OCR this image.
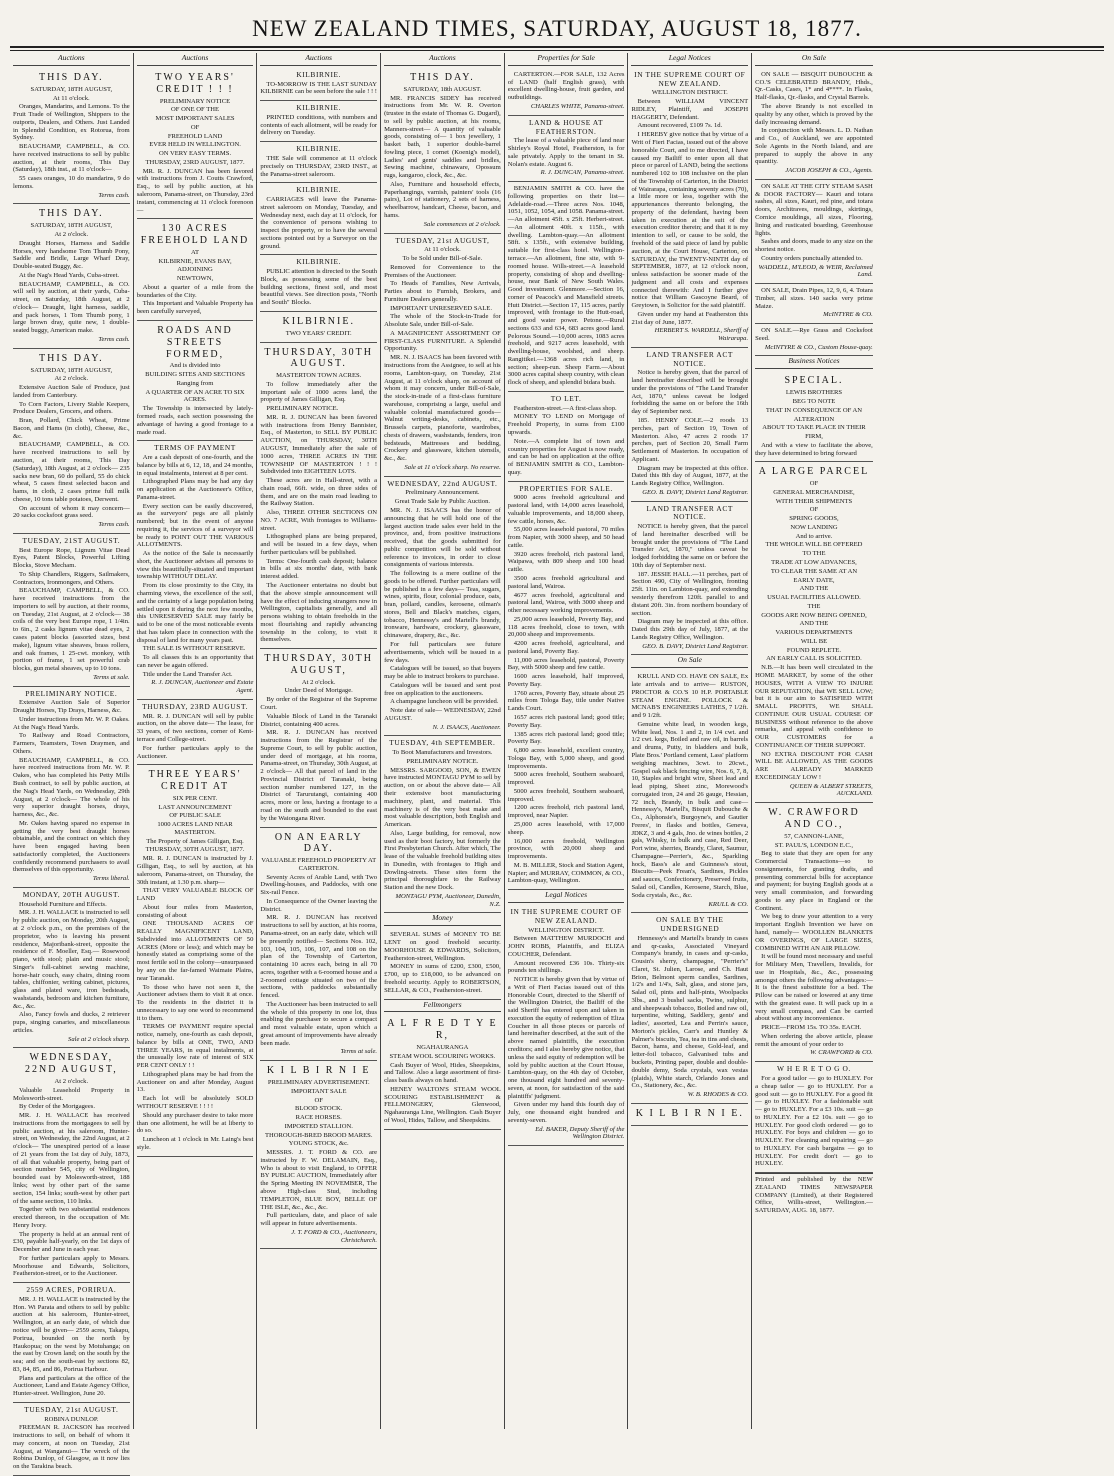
NEW ZEALAND TIMES, SATURDAY, AUGUST 18, 1877.
Auctions
THIS DAY.
SATURDAY, 18TH AUGUST,
At 11 o'clock.
Oranges, Mandarins, and Lemons. To the Fruit Trade of Wellington, Shippers to the outports, Dealers, and Others. Just Landed in Splendid Condition, ex Rotorua, from Sydney.
BEAUCHAMP, CAMPBELL, & CO. have received instructions to sell by public auction, at their rooms, This Day (Saturday), 18th inst., at 11 o'clock—
55 cases oranges, 10 do mandarins, 9 do lemons.
Terms cash.
THIS DAY.
SATURDAY, 18TH AUGUST,
At 2 o'clock.
Draught Horses, Harness and Saddle Horses, very handsome Tom Thumb Pony, Saddle and Bridle, Large Wharf Dray, Double-seated Buggy, &c.
At the Nag's Head Yards, Cuba-street.
BEAUCHAMP, CAMPBELL, & CO. will sell by auction, at their yards, Cuba-street, on Saturday, 18th August, at 2 o'clock— Draught, light harness, saddle, and pack horses, 1 Tom Thumb pony, 1 large brown dray, quite new, 1 double-seated buggy, American make.
Terms cash.
THIS DAY.
SATURDAY, 18TH AUGUST,
At 2 o'clock.
Extensive Auction Sale of Produce, just landed from Canterbury.
To Corn Factors, Livery Stable Keepers, Produce Dealers, Grocers, and others.
Bran, Pollard, Chick Wheat, Prime Bacon, and Hams (in cloth), Cheese, &c., &c.
BEAUCHAMP, CAMPBELL, & CO. have received instructions to sell by auction, at their rooms, This Day (Saturday), 18th August, at 2 o'clock— 235 sacks new bran, 60 do pollard, 55 do chick wheat, 5 cases finest selected bacon and hams, in cloth, 2 cases prime full milk cheese, 10 tons table potatoes, Derwent.
On account of whom it may concern— 20 sacks cocksfoot grass seed.
Terms cash.
TUESDAY, 21ST AUGUST.
Best Europe Rope, Lignum Vitae Dead Eyes, Patent Blocks, Powerful Lifting Blocks, Stove Mecham.
To Ship Chandlers, Riggers, Sailmakers, Contractors, Ironmongers, and Others.
BEAUCHAMP, CAMPBELL, & CO. have received instructions from the importers to sell by auction, at their rooms, on Tuesday, 21st August, at 2 o'clock— 38 coils of the very best Europe rope, 1 1/4in. to 6in., 2 casks lignum vitae dead eyes, 2 cases patent blocks (assorted sizes, best make), lignum vitae sheaves, brass rollers, and oak frames, 1 25-cwt. monkey, with portion of frame, 1 set powerful crab blocks, gun metal sheaves, up to 10 tons.
Terms at sale.
PRELIMINARY NOTICE.
Extensive Auction Sale of Superior Draught Horses, Tip Drays, Harness, &c.
Under instructions from Mr. W. P. Oakes. At the Nag's Head Yards.
To Railway and Road Contractors, Farmers, Teamsters, Town Draymen, and Others.
BEAUCHAMP, CAMPBELL, & CO. have received instructions from Mr. W. P. Oakes, who has completed his Petty Mills Bush contract, to sell by public auction, at the Nag's Head Yards, on Wednesday, 29th August, at 2 o'clock— The whole of his very superior draught horses, drays, harness, &c., &c.
Mr. Oakes having spared no expense in getting the very best draught horses obtainable, and the contract on which they have been engaged having been satisfactorily completed, the Auctioneers confidently recommend purchasers to avail themselves of this opportunity.
Terms liberal.
MONDAY, 20TH AUGUST.
Household Furniture and Effects.
MR. J. H. WALLACE is instructed to sell by public auction, on Monday, 20th August, at 2 o'clock p.m., on the premises of the proprietor, who is leaving his present residence, Majoribank-street, opposite the residence of F. Moeller, Esq.— Rosewood piano, with stool; plain and music stool; Singer's full-cabinet sewing machine, horse-hair couch, easy chairs, dining room tables, chiffonier, writing cabinet, pictures, glass and plated ware, iron bedsteads, washstands, bedroom and kitchen furniture, &c., &c.
Also, Fancy fowls and ducks, 2 retriever pups, singing canaries, and miscellaneous articles.
Sale at 2 o'clock sharp.
WEDNESDAY, 22ND AUGUST,
At 2 o'clock.
Valuable Leasehold Property in Molesworth-street.
By Order of the Mortgagees.
MR. J. H. WALLACE has received instructions from the mortgagees to sell by public auction, at his saleroom, Hunter-street, on Wednesday, the 22nd August, at 2 o'clock— The unexpired period of a lease of 21 years from the 1st day of July, 1873, of all that valuable property, being part of section number 545, city of Wellington, bounded east by Molesworth-street, 188 links; west by other part of the same section, 154 links; south-west by other part of the same section, 110 links.
Together with two substantial residences erected thereon, in the occupation of Mr. Henry Ivory.
The property is held at an annual rent of £30, payable half-yearly, on the 1st days of December and June in each year.
For further particulars apply to Messrs. Moorhouse and Edwards, Solicitors, Featherston-street, or to the Auctioneer.
2559 ACRES, PORIRUA.
MR. J. H. WALLACE is instructed by the Hon. Wi Parata and others to sell by public auction at his saleroom, Hunter-street, Wellington, at an early date, of which due notice will be given— 2559 acres, Takapu, Porirua, bounded on the north by Haukopua; on the west by Motuhanga; on the east by Crown land; on the south by the sea; and on the south-east by sections 82, 83, 84, 85, and 86, Porirua Harbour.
Plans and particulars at the office of the Auctioneer, Land and Estate Agency Office, Hunter-street. Wellington, June 20.
TUESDAY, 21st AUGUST.
ROBINA DUNLOP.
FREEMAN R. JACKSON has received instructions to sell, on behalf of whom it may concern, at noon on Tuesday, 21st August, at Wanganui— The wreck of the Robina Dunlop, of Glasgow, as it now lies on the Tarakina beach.
Auctions
TWO YEARS' CREDIT ! ! !
PRELIMINARY NOTICE
OF ONE OF THE
MOST IMPORTANT SALES
OF
FREEHOLD LAND
EVER HELD IN WELLINGTON.
ON VERY EASY TERMS.
THURSDAY, 23RD AUGUST, 1877.
MR. R. J. DUNCAN has been favored with instructions from J. Coutts Crawford, Esq., to sell by public auction, at his saleroom, Panama-street, on Thursday, 23rd instant, commencing at 11 o'clock forenoon—
130 ACRES FREEHOLD LAND
AT
KILBIRNIE, EVANS BAY,
ADJOINING
NEWTOWN,
About a quarter of a mile from the boundaries of the City.
This Important and Valuable Property has been carefully surveyed,
ROADS AND STREETS FORMED,
And is divided into
BUILDING SITES AND SECTIONS
Ranging from
A QUARTER OF AN ACRE TO SIX ACRES.
The Township is intersected by lately-formed roads, each section possessing the advantage of having a good frontage to a made road.
TERMS OF PAYMENT
Are a cash deposit of one-fourth, and the balance by bills at 6, 12, 18, and 24 months, in equal instalments, interest at 8 per cent.
Lithographed Plans may be had any day on application at the Auctioneer's Office, Panama-street.
Every section can be easily discovered, as the surveyors' pegs are all plainly numbered; but in the event of anyone requiring it, the services of a surveyor will be ready to POINT OUT THE VARIOUS ALLOTMENTS.
As the notice of the Sale is necessarily short, the Auctioneer advises all persons to view this beautifully-situated and important township WITHOUT DELAY.
From its close proximity to the City, its charming views, the excellence of the soil, and the certainty of a large population being settled upon it during the next few months, this UNRESERVED SALE may fairly be said to be one of the most noticeable events that has taken place in connection with the disposal of land for many years past.
THE SALE IS WITHOUT RESERVE.
To all classes this is an opportunity that can never be again offered.
Title under the Land Transfer Act.
R. J. DUNCAN, Auctioneer and Estate Agent.
THURSDAY, 23RD AUGUST.
MR. R. J. DUNCAN will sell by public auction, on the above date— The lease, for 33 years, of two sections, corner of Kent-terrace and College-street.
For further particulars apply to the Auctioneer.
THREE YEARS' CREDIT AT
SIX PER CENT.
LAST ANNOUNCEMENT
OF PUBLIC SALE
1000 ACRES LAND NEAR MASTERTON.
The Property of James Gilligan, Esq.
THURSDAY, 30TH AUGUST, 1877.
MR. R. J. DUNCAN is instructed by J. Gilligan, Esq., to sell by auction, at his saleroom, Panama-street, on Thursday, the 30th instant, at 1.30 p.m. sharp—
THAT VERY VALUABLE BLOCK OF LAND
About four miles from Masterton, consisting of about
ONE THOUSAND ACRES OF REALLY MAGNIFICENT LAND, Subdivided into ALLOTMENTS OF 50 ACRES (More or less); and which may be honestly stated as comprising some of the most fertile soil in the colony—unsurpassed by any on the far-famed Waimate Plains, near Taranaki.
To those who have not seen it, the Auctioneer advises them to visit it at once. To the residents in the district it is unnecessary to say one word to recommend it to them.
TERMS OF PAYMENT require special notice, namely, one-fourth as cash deposit, balance by bills at ONE, TWO, AND THREE YEARS, in equal instalments, at the unusually low rate of interest of SIX PER CENT ONLY ! !
Lithographed plans may be had from the Auctioneer on and after Monday, August 13.
Each lot will be absolutely SOLD WITHOUT RESERVE ! ! ! !
Should any purchaser desire to take more than one allotment, he will be at liberty to do so.
Luncheon at 1 o'clock in Mr. Laing's best style.
Auctions
KILBIRNIE.
TO-MORROW IS THE LAST SUNDAY KILBIRNIE can be seen before the sale ! ! !
KILBIRNIE.
PRINTED conditions, with numbers and contents of each allotment, will be ready for delivery on Tuesday.
KILBIRNIE.
THE Sale will commence at 11 o'clock precisely on THURSDAY, 23RD INST., at the Panama-street saleroom.
KILBIRNIE.
CARRIAGES will leave the Panama-street saleroom on Monday, Tuesday, and Wednesday next, each day at 11 o'clock, for the convenience of persons wishing to inspect the property, or to have the several sections pointed out by a Surveyor on the ground.
KILBIRNIE.
PUBLIC attention is directed to the South Block, as possessing some of the best building sections, finest soil, and most beautiful views. See direction posts, "North and South" Blocks.
KILBIRNIE.
TWO YEARS' CREDIT.
THURSDAY, 30TH AUGUST.
MASTERTON TOWN ACRES.
To follow immediately after the important sale of 1000 acres land, the property of James Gilligan, Esq.
PRELIMINARY NOTICE.
MR. R. J. DUNCAN has been favored with instructions from Henry Bannister, Esq., of Masterton, to SELL BY PUBLIC AUCTION, on THURSDAY, 30TH AUGUST, Immediately after the sale of 1000 acres, THREE ACRES IN THE TOWNSHIP OF MASTERTON ! ! ! Subdivided into EIGHTEEN LOTS.
These acres are in Hall-street, with a chain road, 66ft. wide, on three sides of them, and are on the main road leading to the Railway Station.
Also, THREE OTHER SECTIONS ON NO. 7 ACRE, With frontages to Williams-street.
Lithographed plans are being prepared, and will be issued in a few days, when further particulars will be published.
Terms: One-fourth cash deposit; balance in bills at six months' date, with bank interest added.
The Auctioneer entertains no doubt but that the above simple announcement will have the effect of inducing strangers now in Wellington, capitalists generally, and all persons wishing to obtain freeholds in the most flourishing and rapidly advancing township in the colony, to visit it themselves.
THURSDAY, 30TH AUGUST,
At 2 o'clock.
Under Deed of Mortgage.
By order of the Registrar of the Supreme Court.
Valuable Block of Land in the Taranaki District, containing 400 acres.
MR. R. J. DUNCAN has received instructions from the Registrar of the Supreme Court, to sell by public auction, under deed of mortgage, at his rooms, Panama-street, on Thursday, 30th August, at 2 o'clock— All that parcel of land in the Provincial District of Taranaki, being section number numbered 127, in the District of Tarurutangi, containing 400 acres, more or less, having a frontage to a road on the south and bounded to the east by the Waiongana River.
ON AN EARLY DAY.
VALUABLE FREEHOLD PROPERTY AT CARTERTON.
Seventy Acres of Arable Land, with Two Dwelling-houses, and Paddocks, with one Six-rail Fence.
In Consequence of the Owner leaving the District.
MR. R. J. DUNCAN has received instructions to sell by auction, at his rooms, Panama-street, on an early date, which will be presently notified— Sections Nos. 102, 103, 104, 105, 106, 107, and 108 on the plan of the Township of Carterton, containing 10 acres each, being in all 70 acres, together with a 6-roomed house and a 2-roomed cottage situated on two of the sections, with paddocks substantially fenced.
The Auctioneer has been instructed to sell the whole of this property in one lot, thus enabling the purchaser to secure a compact and most valuable estate, upon which a great amount of improvements have already been made.
Terms at sale.
K I L B I R N I E
PRELIMINARY ADVERTISEMENT.
IMPORTANT SALE
OF
BLOOD STOCK.
RACE HORSES.
IMPORTED STALLION.
THOROUGH-BRED BROOD MARES.
YOUNG STOCK, &c.
MESSRS. J. T. FORD & CO. are instructed by F. W. DELAMAIN, Esq., Who is about to visit England, to OFFER BY PUBLIC AUCTION, Immediately after the Spring Meeting IN NOVEMBER, The above High-class Stud, including TEMPLETON, BLUE BOY, BELLE OF THE ISLE, &c., &c., &c.
Full particulars, date, and place of sale will appear in future advertisements.
J. T. FORD & CO., Auctioneers, Christchurch.
Auctions
THIS DAY.
SATURDAY, 18th AUGUST.
MR. FRANCIS SIDEY has received instructions from Mr. W. R. Overton (trustee in the estate of Thomas G. Dugard), to sell by public auction, at his rooms, Manners-street— A quantity of valuable goods, consisting of— 1 box jewellery, 1 basket bath, 1 superior double-barrel fowling piece, 1 cornet (Koenig's model), Ladies' and gents' saddles and bridles, Sewing machine, chinaware, Opossum rugs, kangaroo, clock, &c., &c.
Also, Furniture and household effects, Paperhangings, varnish, painters' tools (16 pairs), Lot of stationery, 2 sets of harness, wheelbarrow, handcart, Cheese, bacon, and hams.
Sale commences at 2 o'clock.
TUESDAY, 21st AUGUST,
At 11 o'clock.
To be Sold under Bill-of-Sale.
Removed for Convenience to the Premises of the Auctioneer.
To Heads of Families, New Arrivals, Parties about to Furnish, Brokers, and Furniture Dealers generally.
IMPORTANT UNRESERVED SALE.
The whole of the Stock-in-Trade for Absolute Sale, under Bill-of-Sale.
A MAGNIFICENT ASSORTMENT OF FIRST-CLASS FURNITURE. A Splendid Opportunity.
MR. N. J. ISAACS has been favored with instructions from the Assignee, to sell at his rooms, Lambton-quay, on Tuesday, 21st August, at 11 o'clock sharp, on account of whom it may concern, under Bill-of-Sale, the stock-in-trade of a first-class furniture warehouse, comprising a large, useful and valuable colonial manufactured goods— Walnut writing-desks, cabinets, etc., Brussels carpets, pianoforte, wardrobes, chests of drawers, washstands, fenders, iron bedsteads, Mattresses and bedding, Crockery and glassware, kitchen utensils, &c., &c.
Sale at 11 o'clock sharp. No reserve.
WEDNESDAY, 22nd AUGUST.
Preliminary Announcement.
Great Trade Sale by Public Auction.
MR. N. J. ISAACS has the honor of announcing that he will hold one of the largest auction trade sales ever held in the province, and, from positive instructions received, that the goods submitted for public competition will be sold without reference to invoices, in order to close consignments of various interests.
The following is a mere outline of the goods to be offered. Further particulars will be published in a few days— Teas, sugars, wines, spirits, flour, colonial produce, oats, bran, pollard, candles, kerosene, oilman's stores, Bell and Black's matches, cigars, tobacco, Hennessy's and Martell's brandy, ironware, hardware, crockery, glassware, chinaware, drapery, &c., &c.
For full particulars see future advertisements, which will be issued in a few days.
Catalogues will be issued, so that buyers may be able to instruct brokers to purchase.
Catalogues will be issued and sent post free on application to the auctioneers.
A champagne luncheon will be provided.
Note date of sale— WEDNESDAY, 22nd AUGUST.
N. J. ISAACS, Auctioneer.
TUESDAY, 4th SEPTEMBER.
To Boot Manufacturers and Investors.
PRELIMINARY NOTICE.
MESSRS. SARGOOD, SON, & EWEN have instructed MONTAGU PYM to sell by auction, on or about the above date— All their extensive boot manufacturing machinery, plant, and material. This machinery is of the very best make and most valuable description, both English and American.
Also, Large building, for removal, now used as their boot factory, but formerly the First Presbyterian Church. After which, The lease of the valuable freehold building sites in Dunedin, with frontages to High and Dowling-streets. These sites form the principal thoroughfare to the Railway Station and the new Dock.
MONTAGU PYM, Auctioneer, Dunedin, N.Z.
Money
SEVERAL SUMS of MONEY TO BE LENT on good freehold security. MOORHOUSE & EDWARDS, Solicitors, Featherston-street, Wellington.
MONEY in sums of £200, £300, £500, £700, up to £18,000, to be advanced on freehold security. Apply to ROBERTSON, SELLAR, & CO., Featherston-street.
Fellmongers
A L F R E D T Y E R,
NGAHAURANGA
STEAM WOOL SCOURING WORKS.
Cash Buyer of Wool, Hides, Sheepskins, and Tallow. Also a large assortment of first-class basils always on hand.
HENEY WALTON'S STEAM WOOL SCOURING ESTABLISHMENT & FELLMONGERY, Glenwood, Ngahauranga Line, Wellington. Cash Buyer of Wool, Hides, Tallow, and Sheepskins.
Properties for Sale
CARTERTON.—FOR SALE, 132 Acres of LAND (half English grass), with excellent dwelling-house, fruit garden, and outbuildings.
CHARLES WHITE, Panama-street.
LAND & HOUSE AT FEATHERSTON.
The lease of a valuable piece of land near Shirley's Royal Hotel, Featherston, is for sale privately. Apply to the tenant in St. Nolan's estate. August 6.
R. J. DUNCAN, Panama-street.
BENJAMIN SMITH & CO. have the following properties on their list— Adelaide-road.—Three acres Nos. 1048, 1051, 1052, 1054, and 1058. Panama-street.—An allotment 45ft. x 25ft. Herbert-street.—An allotment 40ft. x 115ft., with dwelling. Lambton-quay.—An allotment 58ft. x 135ft., with extensive building, suitable for first-class hotel. Wellington-terrace.—An allotment, fine site, with 9-roomed house. Wills-street.—A leasehold property, consisting of shop and dwelling-house, near Bank of New South Wales. Good investment. Glenmore.—Section 16, corner of Peacock's and Mansfield streets. Hutt District.—Section 17, 115 acres, partly improved, with frontage to the Hutt-road, and good water power. Petone.—Rural sections 633 and 634, 683 acres good land. Pelorous Sound.—10,000 acres, 1083 acres freehold, and 9217 acres leasehold, with dwelling-house, woolshed, and sheep. Rangitikei.—1368 acres rich land, in section; sheep-run. Sheep Farm.—About 3000 acres capital sheep country, with clean flock of sheep, and splendid bidara bush.
TO LET.
Featherston-street.—A first-class shop.
MONEY TO LEND on Mortgage of Freehold Property, in sums from £100 upwards.
Note.—A complete list of town and country properties for August is now ready, and can be had on application at the office of BENJAMIN SMITH & CO., Lambton-quay.
PROPERTIES FOR SALE.
9000 acres freehold agricultural and pastoral land, with 14,000 acres leasehold, valuable improvements, and 18,000 sheep, few cattle, horses, &c.
55,000 acres leasehold pastoral, 70 miles from Napier, with 3000 sheep, and 50 head cattle.
3920 acres freehold, rich pastoral land, Waipawa, with 809 sheep and 100 head cattle.
3500 acres freehold agricultural and pastoral land, Wairoa.
4677 acres freehold, agricultural and pastoral land, Wairoa, with 3000 sheep and other necessary working improvements.
25,000 acres leasehold, Poverty Bay, and 118 acres freehold, close to town, with 20,000 sheep and improvements.
4200 acres freehold, agricultural, and pastoral land, Poverty Bay.
11,000 acres leasehold, pastoral, Poverty Bay, with 5000 sheep and few cattle.
1600 acres leasehold, half improved, Poverty Bay.
1760 acres, Poverty Bay, situate about 25 miles from Tologa Bay, title under Native Lands Court.
1657 acres rich pastoral land; good title; Poverty Bay.
1385 acres rich pastoral land; good title; Poverty Bay.
6,800 acres leasehold, excellent country, Tologa Bay, with 5,000 sheep, and good improvements.
5000 acres freehold, Southern seaboard, improved.
5000 acres freehold, Southern seaboard, improved.
1200 acres freehold, rich pastoral land, improved, near Napier.
25,000 acres leasehold, with 17,000 sheep.
16,000 acres freehold, Wellington province, with 20,000 sheep and improvements.
M. B. MILLER, Stock and Station Agent, Napier; and MURRAY, COMMON, & CO., Lambton-quay, Wellington.
Legal Notices
IN THE SUPREME COURT OF NEW ZEALAND.
WELLINGTON DISTRICT.
Between MATTHEW MURDOCH and JOHN ROBB, Plaintiffs, and ELIZA COUCHER, Defendant.
Amount recovered £36 10s. Thirty-six pounds ten shillings.
NOTICE is hereby given that by virtue of a Writ of Fieri Facias issued out of this Honorable Court, directed to the Sheriff of the Wellington District, the Bailiff of the said Sheriff has entered upon and taken in execution the equity of redemption of Eliza Coucher in all those pieces or parcels of land hereinafter described, at the suit of the above named plaintiffs, the execution creditors; and I also hereby give notice, that unless the said equity of redemption will be sold by public auction at the Court House, Lambton-quay, on the 4th day of October, one thousand eight hundred and seventy-seven, at noon, for satisfaction of the said plaintiffs' judgment.
Given under my hand this fourth day of July, one thousand eight hundred and seventy-seven.
Ed. BAKER, Deputy Sheriff of the Wellington District.
Legal Notices
IN THE SUPREME COURT OF NEW ZEALAND.
WELLINGTON DISTRICT.
Between WILLIAM VINCENT RIDLEY, Plaintiff, and JOSEPH HAGGERTY, Defendant.
Amount recovered, £109 7s. 1d.
I HEREBY give notice that by virtue of a Writ of Fieri Facias, issued out of the above honorable Court, and to me directed, I have caused my Bailiff to enter upon all that piece or parcel of LAND, being the sections numbered 102 to 108 inclusive on the plan of the Township of Carterton, in the District of Wairarapa, containing seventy acres (70), a little more or less, together with the appurtenances thereunto belonging, the property of the defendant, having been taken in execution at the suit of the execution creditor therein; and that it is my intention to sell, or cause to be sold, the freehold of the said piece of land by public auction, at the Court House, Carterton, on SATURDAY, the TWENTY-NINTH day of SEPTEMBER, 1877, at 12 o'clock noon, unless satisfaction be sooner made of the judgment and all costs and expenses connected therewith: And I further give notice that William Gascoyne Beard, of Greytown, is Solicitor for the said plaintiff.
Given under my hand at Featherston this 21st day of June, 1877.
HERBERT S. WARDELL, Sheriff of Wairarapa.
LAND TRANSFER ACT NOTICE.
Notice is hereby given, that the parcel of land hereinafter described will be brought under the provisions of "The Land Transfer Act, 1870," unless caveat be lodged forbidding the same on or before the 16th day of September next.
185. HENRY COLE.—2 roods 13 perches, part of Section 19, Town of Masterton. Also, 47 acres 2 roods 17 perches, part of Section 20, Small Farm Settlement of Masterton. In occupation of Applicant.
Diagram may be inspected at this office. Dated this 8th day of August, 1877, at the Lands Registry Office, Wellington.
GEO. B. DAVY, District Land Registrar.
LAND TRANSFER ACT NOTICE.
NOTICE is hereby given, that the parcel of land hereinafter described will be brought under the provisions of "The Land Transfer Act, 1870," unless caveat be lodged forbidding the same on or before the 10th day of September next.
187. JESSIE HALL.—11 perches, part of Section 490, City of Wellington, fronting 25ft. 11in. on Lambton-quay, and extending westerly therefrom 120ft. parallel to and distant 20ft. 3in. from northern boundary of section.
Diagram may be inspected at this office. Dated this 29th day of July, 1877, at the Lands Registry Office, Wellington.
GEO. B. DAVY, District Land Registrar.
On Sale
KRULL AND CO. HAVE ON SALE, Ex late arrivals and to arrive— RUSTON, PROCTOR & CO.'S 10 H.P. PORTABLE STEAM ENGINE. POLLOCK & MCNAB'S ENGINEERS LATHES, 7 1/2ft. and 9 1/2ft.
Genuine white lead, in wooden kegs, White lead, Nos. 1 and 2, in 1/4 cwt. and 1/2 cwt. kegs, Boiled and raw oil, in barrels and drums, Putty, in bladders and bulk, Plate Bros.' Portland cement, Lass' platform weighing machines, 3cwt. to 20cwt., Gospel oak black fencing wire, Nos. 6, 7, 8, 10, Staples and bright wire, Sheet lead and lead piping, Sheet zinc, Morewood's corrugated iron, 24 and 26 gauge, Hessian, 72 inch, Brandy, in bulk and case—Hennessy's, Martell's, Bisquit Dubouche & Co., Alphonsie's, Burgoyne's, and Gautier Freres', in flasks and bottles, Geneva, JDKZ, 3 and 4 gals, Jno. de wines bottles, 2 gals, Whisky, in bulk and case, Red Deer, Port wine, sherries, Brandy, Claret, Saumur, Champagne—Perrier's, &c., Sparkling hock, Bass's ale and Guinness's stout, Biscuits—Peek Frean's, Sardines, Pickles and sauces, Confectionery, Preserved fruits, Salad oil, Candles, Kerosene, Starch, Blue, Soda crystals, &c., &c.
KRULL & CO.
ON SALE BY THE UNDERSIGNED
Hennessy's and Martell's brandy in cases and qr-casks, Associated Vineyard Company's brandy, in cases and qr-casks, Cousin's sherry, champagne, "Perrier's" Claret, St. Julien, Larose, and Ch. Haut Brion, Belmont sperm candles, Sardines, 1/2's and 1/4's, Salt, glass, and stone jars, Salad oil, pints and half-pints, Woolpacks 3lbs., and 3 bushel sacks, Twine, sulphur, and sheepwash tobacco, Boiled and raw oil, turpentine, whiting, Saddlery, gents' and ladies', assorted, Lea and Perrin's sauce, Morton's pickles, Carr's and Huntley & Palmer's biscuits, Tea, tea in tins and chests, Bacon, hams, and cheese, Gold-leaf, and letter-foil tobacco, Galvanised tubs and buckets, Printing paper, double and double-double demy, Soda crystals, wax vestas (plaids), White starch, Orlando Jones and Co., Stationery, &c., &c.
W. B. RHODES & CO.
K I L B I R N I E.
On Sale
ON SALE — BISQUIT DUBOUCHE & CO.'S CELEBRATED BRANDY, Hhds., Qr.-Casks, Cases, 1* and 4****. In Flasks, Half-flasks, Qr.-flasks, and Crystal Barrels.
The above Brandy is not excelled in quality by any other, which is proved by the daily increasing demand.
In conjunction with Messrs. L. D. Nathan and Co., of Auckland, we are appointed Sole Agents in the North Island, and are prepared to supply the above in any quantity.
JACOB JOSEPH & CO., Agents.
ON SALE AT THE CITY STEAM SASH & DOOR FACTORY— Kauri and totara sashes, all sizes, Kauri, red pine, and totara doors, Architraves, mouldings, skirtings, Cornice mouldings, all sizes, Flooring, lining and rusticated boarding, Greenhouse lights.
Sashes and doors, made to any size on the shortest notice.
Country orders punctually attended to.
WADDELL, M'LEOD, & WEIR, Reclaimed Land.
ON SALE, Drain Pipes, 12, 9, 6, 4. Totara Timber, all sizes. 140 sacks very prime Maize.
McINTYRE & CO.
ON SALE.—Rye Grass and Cocksfoot Seed.
McINTYRE & CO., Custom House-quay.
Business Notices
SPECIAL.
LEWIS BROTHERS
BEG TO NOTE
THAT IN CONSEQUENCE OF AN
ALTERATION
ABOUT TO TAKE PLACE IN THEIR
FIRM,
And with a view to facilitate the above, they have determined to bring forward
A LARGE PARCEL
OF
GENERAL MERCHANDISE,
WITH THEIR SHIPMENTS
OF
SPRING GOODS,
NOW LANDING
And to arrive.
THE WHOLE WILL BE OFFERED
TO THE
TRADE AT LOW ADVANCES,
TO CLEAR THE SAME AT AN
EARLY DATE,
AND THE
USUAL FACILITIES ALLOWED.
THE
GOODS ARE NOW BEING OPENED,
AND THE
VARIOUS DEPARTMENTS
WILL BE
FOUND REPLETE.
AN EARLY CALL IS SOLICITED.
N.B.—It has been well circulated in the HOME MARKET, by some of the other HOUSES, WITH A VIEW TO INJURE OUR REPUTATION, that WE SELL LOW; but it is our aim to SATISFIED WITH SMALL PROFITS, WE SHALL CONTINUE OUR USUAL COURSE OF BUSINESS without reference to the above remarks, and appeal with confidence to OUR CUSTOMERS for a CONTINUANCE OF THEIR SUPPORT.
NO EXTRA DISCOUNT FOR CASH WILL BE ALLOWED, AS THE GOODS ARE ALREADY MARKED EXCEEDINGLY LOW !
QUEEN & ALBERT STREETS, AUCKLAND.
W. CRAWFORD AND CO.,
57, CANNON-LANE,
ST. PAUL'S, LONDON E.C.,
Beg to state that they are open for any Commercial Transactions—so to consignments, for granting drafts, and presenting commercial bills for acceptance and payment; for buying English goods at a very small commission, and forwarding goods to any place in England or the Continent.
We beg to draw your attention to a very important English Invention we have on hand, namely— WOOLLEN BLANKETS OR OVERINGS, OF LARGE SIZES, COMBINED WITH AN AIR PILLOW.
It will be found most necessary and useful for Military Men, Travellers, Invalids, for use in Hospitals, &c., &c., possessing amongst others the following advantages:— It is the finest substitute for a bed. The Pillow can be raised or lowered at any time with the greatest ease. It will pack up in a very small compass, and Can be carried about without any inconvenience.
PRICE—FROM 15s. TO 35s. EACH.
When ordering the above article, please remit the amount of your order to
W. CRAWFORD & CO.
W H E R E T O G O.
For a good tailor — go to HUXLEY. For a cheap tailor — go to HUXLEY. For a good suit — go to HUXLEY. For a good fit — go to HUXLEY. For a fashionable suit — go to HUXLEY. For a £3 10s. suit — go to HUXLEY. For a £2 10s. suit — go to HUXLEY. For good cloth ordered — go to HUXLEY. For boys and children — go to HUXLEY. For cleaning and repairing — go to HUXLEY. For cash bargains — go to HUXLEY. For credit don't — go to HUXLEY.
Printed and published by the NEW ZEALAND TIMES NEWSPAPER COMPANY (Limited), at their Registered Office, Willis-street, Wellington.—SATURDAY, AUG. 18, 1877.
